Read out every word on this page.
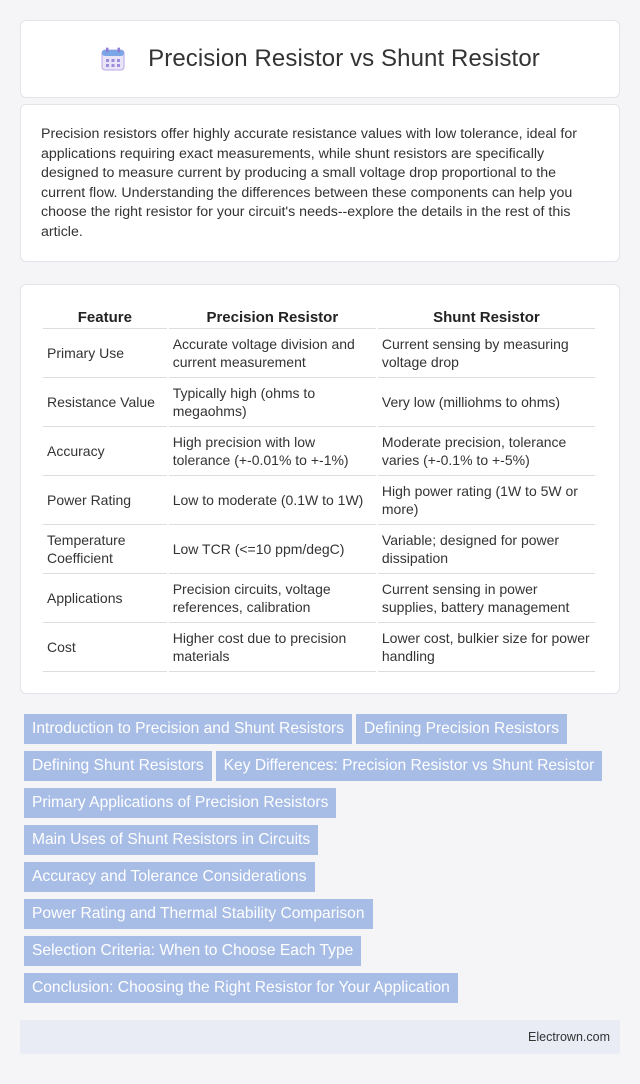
Precision Resistor vs Shunt Resistor

Precision resistors offer highly accurate resistance values with low tolerance, ideal for applications requiring exact measurements, while shunt resistors are specifically designed to measure current by producing a small voltage drop proportional to the current flow. Understanding the differences between these components can help you choose the right resistor for your circuit's needs--explore the details in the rest of this article.

Feature	Precision Resistor	Shunt Resistor
Primary Use	Accurate voltage division and current measurement	Current sensing by measuring voltage drop
Resistance Value	Typically high (ohms to megaohms)	Very low (milliohms to ohms)
Accuracy	High precision with low tolerance (+-0.01% to +-1%)	Moderate precision, tolerance varies (+-0.1% to +-5%)
Power Rating	Low to moderate (0.1W to 1W)	High power rating (1W to 5W or more)
Temperature Coefficient	Low TCR (<=10 ppm/degC)	Variable; designed for power dissipation
Applications	Precision circuits, voltage references, calibration	Current sensing in power supplies, battery management
Cost	Higher cost due to precision materials	Lower cost, bulkier size for power handling
Introduction to Precision and Shunt Resistors	Defining Precision Resistors
Defining Shunt Resistors	Key Differences: Precision Resistor vs Shunt Resistor
Primary Applications of Precision Resistors
Main Uses of Shunt Resistors in Circuits
Accuracy and Tolerance Considerations
Power Rating and Thermal Stability Comparison
Selection Criteria: When to Choose Each Type
Conclusion: Choosing the Right Resistor for Your Application
Electrown.com
